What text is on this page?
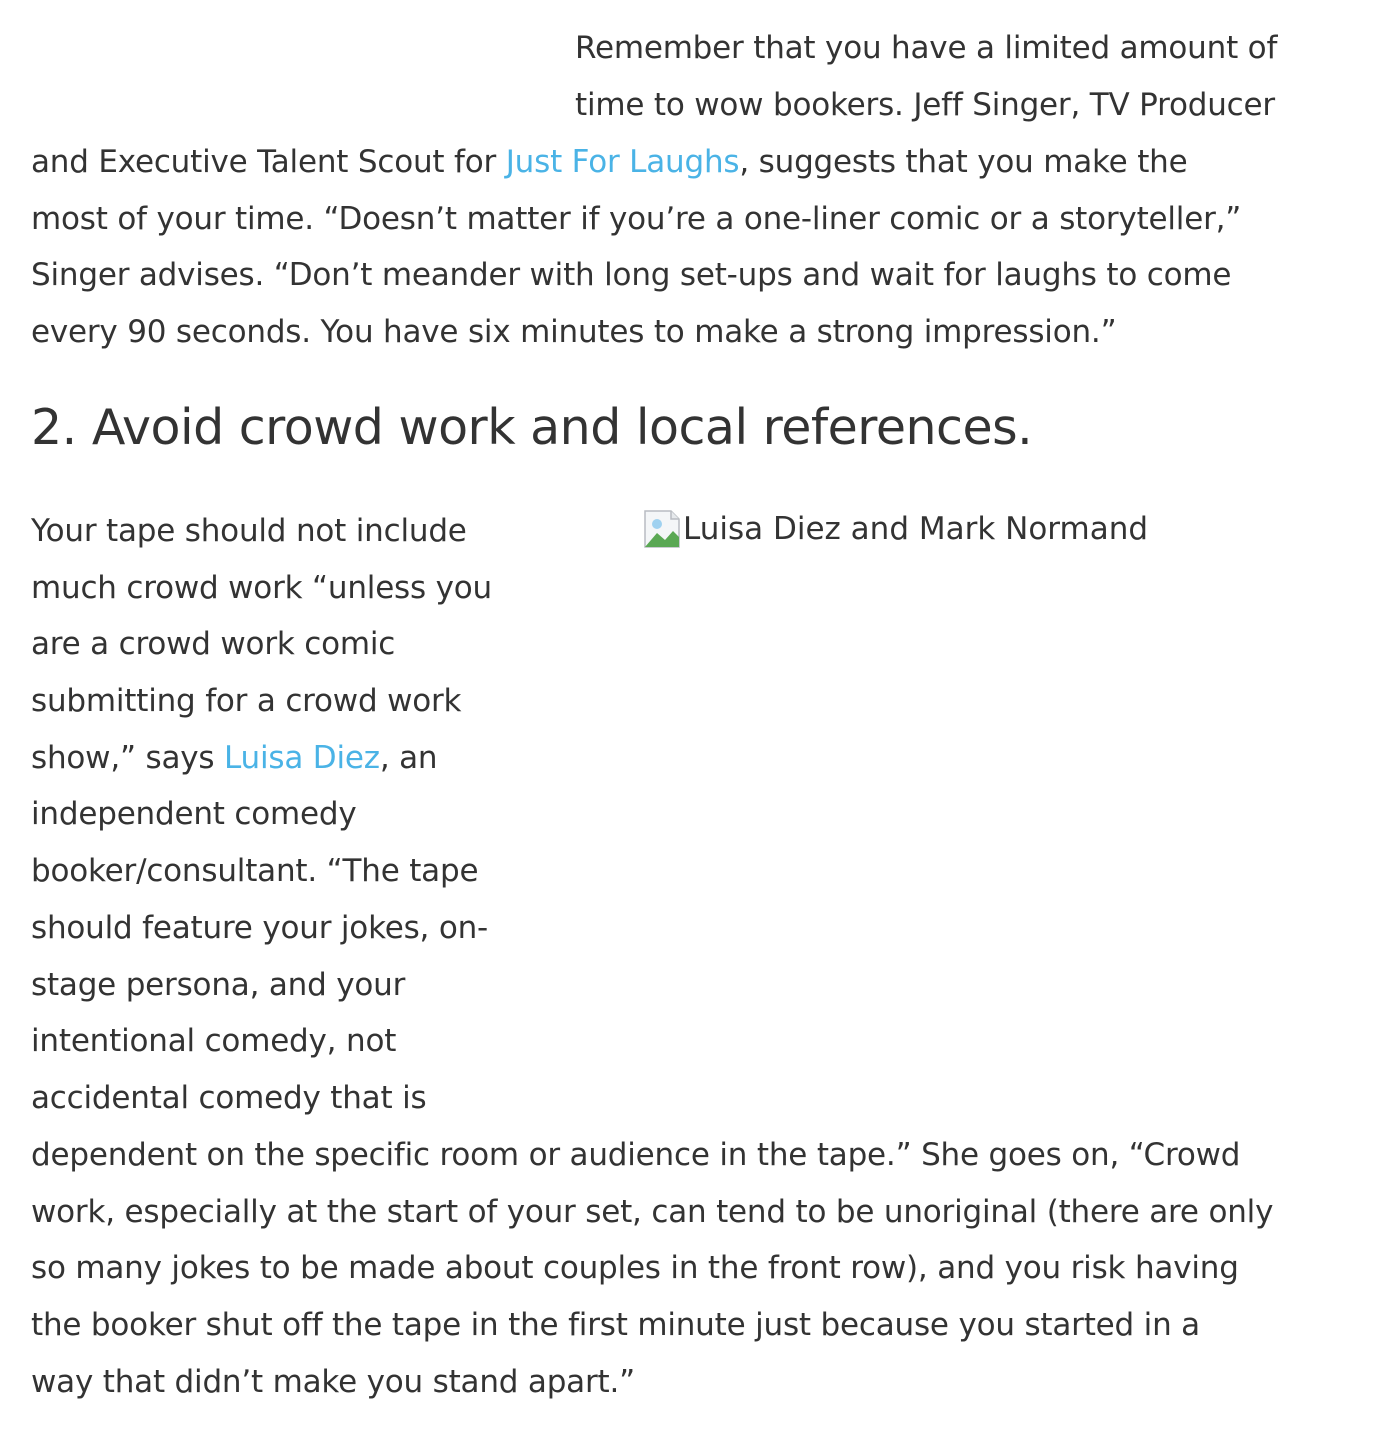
Remember that you have a limited amount of
time to wow bookers. Jeff Singer, TV Producer
and Executive Talent Scout for Just For Laughs, suggests that you make the
most of your time. “Doesn’t matter if you’re a one-liner comic or a storyteller,”
Singer advises. “Don’t meander with long set-ups and wait for laughs to come
every 90 seconds. You have six minutes to make a strong impression.”
2. Avoid crowd work and local references.
Luisa Diez and Mark Normand
Your tape should not include
much crowd work “unless you
are a crowd work comic
submitting for a crowd work
show,” says Luisa Diez, an
independent comedy
booker/consultant. “The tape
should feature your jokes, on-
stage persona, and your
intentional comedy, not
accidental comedy that is
dependent on the specific room or audience in the tape.” She goes on, “Crowd
work, especially at the start of your set, can tend to be unoriginal (there are only
so many jokes to be made about couples in the front row), and you risk having
the booker shut off the tape in the first minute just because you started in a
way that didn’t make you stand apart.”
